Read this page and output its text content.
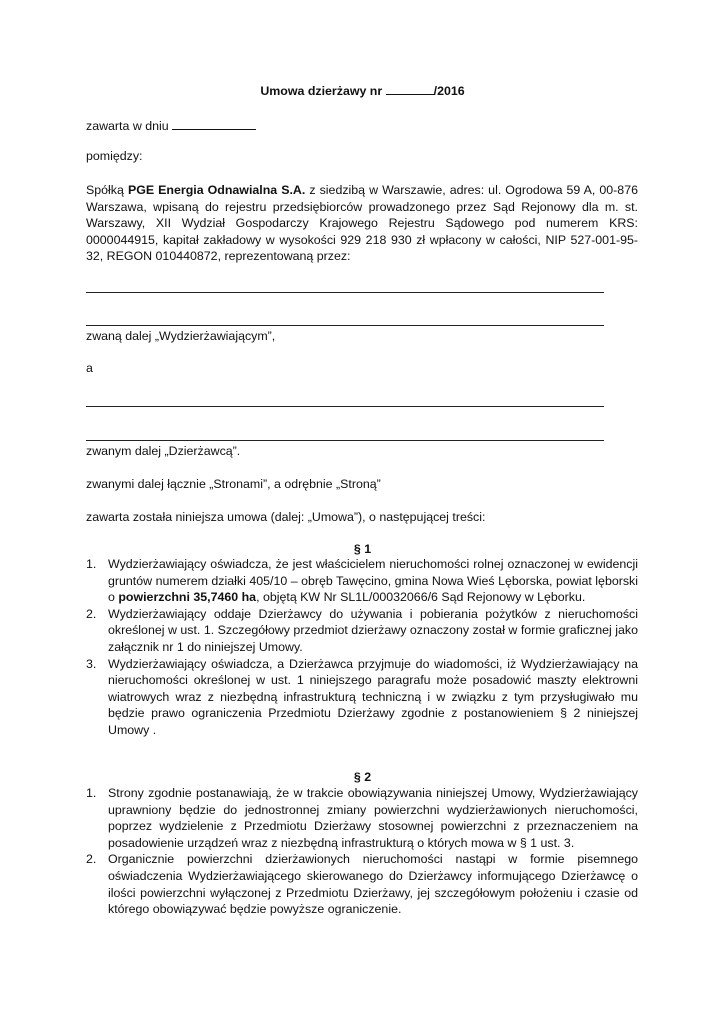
Umowa dzierżawy nr	/2016
zawarta w dniu
pomiędzy:
Spółką PGE Energia Odnawialna S.A. z siedzibą w Warszawie, adres: ul. Ogrodowa 59 A, 00-876 Warszawa, wpisaną do rejestru przedsiębiorców prowadzonego przez Sąd Rejonowy dla m. st. Warszawy, XII Wydział Gospodarczy Krajowego Rejestru Sądowego pod numerem KRS: 0000044915, kapitał zakładowy w wysokości 929 218 930 zł wpłacony w całości, NIP 527-001-95-32, REGON 010440872, reprezentowaną przez:
zwaną dalej „Wydzierżawiającym”,
a
zwanym dalej „Dzierżawcą”.
zwanymi dalej łącznie „Stronami”, a odrębnie „Stroną”
zawarta została niniejsza umowa (dalej: „Umowa”), o następującej treści:
§ 1
1. Wydzierżawiający oświadcza, że jest właścicielem nieruchomości rolnej oznaczonej w ewidencji gruntów numerem działki 405/10 – obręb Tawęcino, gmina Nowa Wieś Lęborska, powiat lęborski o powierzchni 35,7460 ha, objętą KW Nr SL1L/00032066/6 Sąd Rejonowy w Lęborku.
2. Wydzierżawiający oddaje Dzierżawcy do używania i pobierania pożytków z nieruchomości określonej w ust. 1. Szczegółowy przedmiot dzierżawy oznaczony został w formie graficznej jako załącznik nr 1 do niniejszej Umowy.
3. Wydzierżawiający oświadcza, a Dzierżawca przyjmuje do wiadomości, iż Wydzierżawiający na nieruchomości określonej w ust. 1 niniejszego paragrafu może posadowić maszty elektrowni wiatrowych wraz z niezbędną infrastrukturą techniczną i w związku z tym przysługiwało mu będzie prawo ograniczenia Przedmiotu Dzierżawy zgodnie z postanowieniem § 2 niniejszej Umowy .
§ 2
1. Strony zgodnie postanawiają, że w trakcie obowiązywania niniejszej Umowy, Wydzierżawiający uprawniony będzie do jednostronnej zmiany powierzchni wydzierżawionych nieruchomości, poprzez wydzielenie z Przedmiotu Dzierżawy stosownej powierzchni z przeznaczeniem na posadowienie urządzeń wraz z niezbędną infrastrukturą o których mowa w § 1 ust. 3.
2. Organicznie powierzchni dzierżawionych nieruchomości nastąpi w formie pisemnego oświadczenia Wydzierżawiającego skierowanego do Dzierżawcy informującego Dzierżawcę o ilości powierzchni wyłączonej z Przedmiotu Dzierżawy, jej szczegółowym położeniu i czasie od którego obowiązywać będzie powyższe ograniczenie.
